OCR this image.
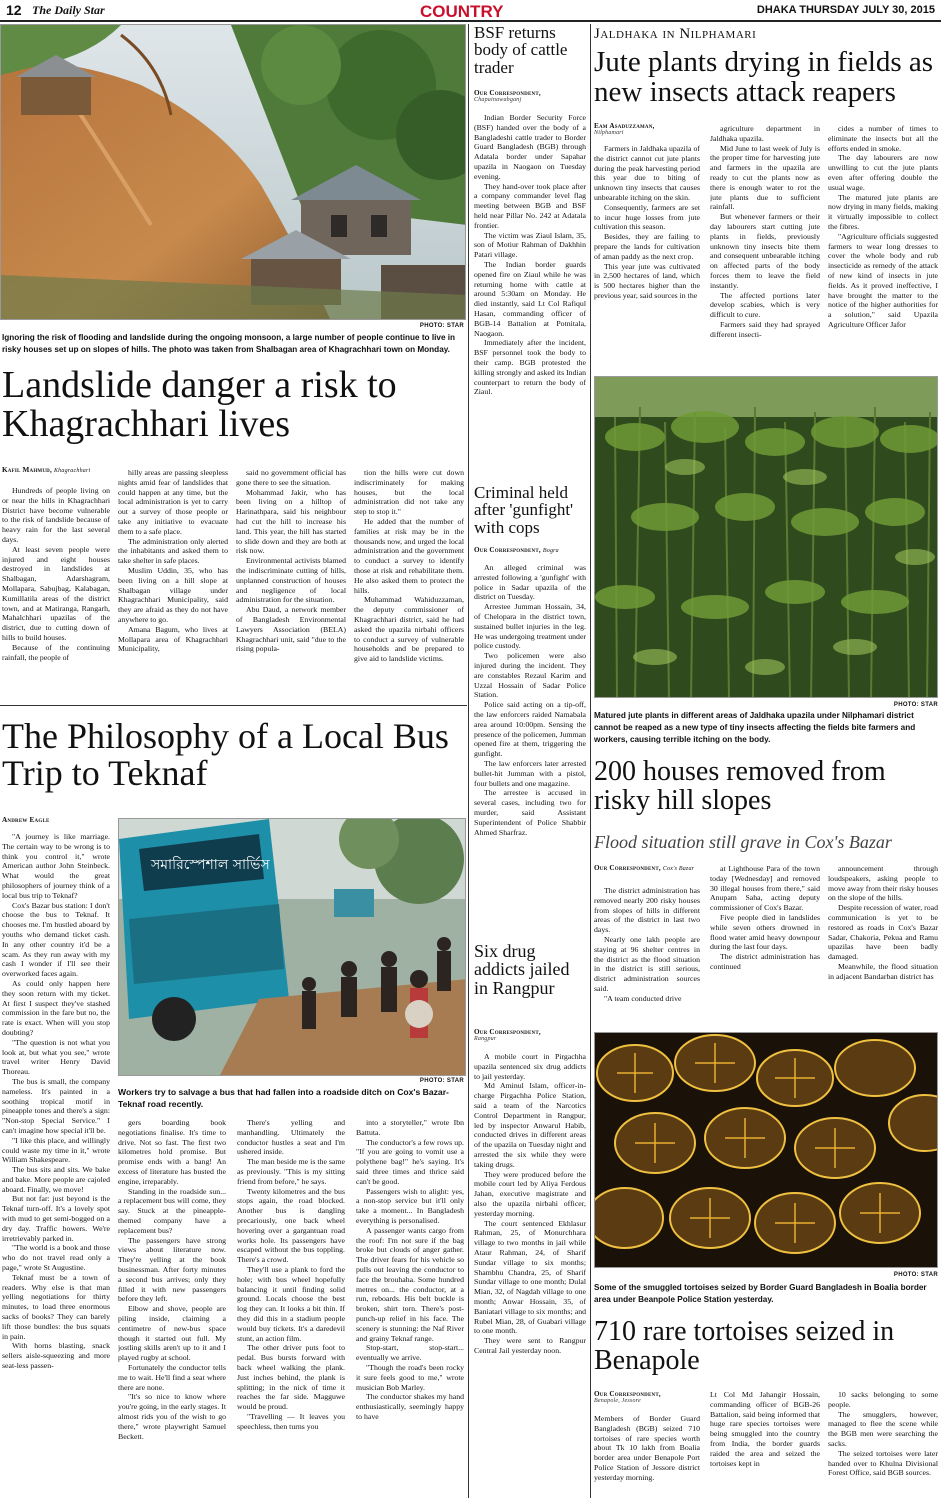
12 The Daily Star	COUNTRY	DHAKA THURSDAY JULY 30, 2015
PHOTO: STAR
Ignoring the risk of flooding and landslide during the ongoing monsoon, a large number of people continue to live in risky houses set up on slopes of hills. The photo was taken from Shalbagan area of Khagrachhari town on Monday.
Landslide danger a risk to Khagrachhari lives
Kafil Mahmud, Khagrachhari

Hundreds of people living on or near the hills in Khagrachhari District have become vulnerable to the risk of landslide because of heavy rain for the last several days.

At least seven people were injured and eight houses destroyed in landslides at Shalbagan, Adarshagram, Mollapara, Sabujbag, Kalabagan, Kumillatila areas of the district town, and at Matiranga, Rangarh, Mahalchhari upazilas of the district, due to cutting down of hills to build houses.

Because of the continuing rainfall, the people of

hilly areas are passing sleepless nights amid fear of landslides that could happen at any time, but the local administration is yet to carry out a survey of those people or take any initiative to evacuate them to a safe place.

The administration only alerted the inhabitants and asked them to take shelter in safe places.

Muslim Uddin, 35, who has been living on a hill slope at Shalbagan village under Khagrachhari Municipality, said they are afraid as they do not have anywhere to go.

Amana Bagum, who lives at Mollapara area of Khagrachhari Municipality,

said no government official has gone there to see the situation.

Mohammad Jakir, who has been living on a hilltop of Harinathpara, said his neighbour had cut the hill to increase his land. This year, the hill has started to slide down and they are both at risk now.

Environmental activists blamed the indiscriminate cutting of hills, unplanned construction of houses and negligence of local administration for the situation.

Abu Daud, a network member of Bangladesh Environmental Lawyers Association (BELA) Khagrachhari unit, said "due to the rising popula-

tion the hills were cut down indiscriminately for making houses, but the local administration did not take any step to stop it."

He added that the number of families at risk may be in the thousands now, and urged the local administration and the government to conduct a survey to identify those at risk and rehabilitate them. He also asked them to protect the hills.

Muhammad Wahiduzzaman, the deputy commissioner of Khagrachhari district, said he had asked the upazila nirbahi officers to conduct a survey of vulnerable households and be prepared to give aid to landslide victims.

The Philosophy of a Local Bus Trip to Teknaf
Andrew Eagle

"A journey is like marriage. The certain way to be wrong is to think you control it," wrote American author John Steinbeck. What would the great philosophers of journey think of a local bus trip to Teknaf?

Cox's Bazar bus station: I don't choose the bus to Teknaf. It chooses me. I'm hustled aboard by youths who demand ticket cash. In any other country it'd be a scam. As they run away with my cash I wonder if I'll see their overworked faces again.

As could only happen here they soon return with my ticket. At first I suspect they've stashed commission in the fare but no, the rate is exact. When will you stop doubting?

"The question is not what you look at, but what you see," wrote travel writer Henry David Thoreau.

The bus is small, the company nameless. It's painted in a soothing tropical motif in pineapple tones and there's a sign: "Non-stop Special Service." I can't imagine how special it'll be.

"I like this place, and willingly could waste my time in it," wrote William Shakespeare.

The bus sits and sits. We bake and bake. More people are cajoled aboard. Finally, we move!

But not far: just beyond is the Teknaf turn-off. It's a lovely spot with mud to get semi-bogged on a dry day. Traffic howers. We're irretrievably parked in.

"The world is a book and those who do not travel read only a page," wrote St Augustine.

Teknaf must be a town of readers. Why else is that man yelling negotiations for thirty minutes, to load three enormous sacks of books? They can barely lift those bundles: the bus squats in pain.

With horns blasting, snack sellers aisle-squeezing and more seat-less passen-

সমারিস্পেশাল সার্ভিস
PHOTO: STAR
Workers try to salvage a bus that had fallen into a roadside ditch on Cox's Bazar-Teknaf road recently.

gers boarding book negotiations finalise. It's time to drive. Not so fast. The first two kilometres hold promise. But promise ends with a bang! An excess of literature has busted the engine, irreparably.

Standing in the roadside sun... a replacement bus will come, they say. Stuck at the pineapple-themed company have a replacement bus?

The passengers have strong views about literature now. They're yelling at the book businessman. After forty minutes a second bus arrives; only they filled it with new passengers before they left.

Elbow and shove, people are piling inside, claiming a centimetre of new-bus space though it started out full. My jostling skills aren't up to it and I played rugby at school.

Fortunately the conductor tells me to wait. He'll find a seat where there are none.

"It's so nice to know where you're going, in the early stages. It almost rids you of the wish to go there," wrote playwright Samuel Beckett.

There's yelling and manhandling. Ultimately the conductor hustles a seat and I'm ushered inside.

The man beside me is the same as previously. "This is my sitting friend from before," he says.

Twenty kilometres and the bus stops again, the road blocked. Another bus is dangling precariously, one back wheel hovering over a gargantuan road works hole. Its passengers have escaped without the bus toppling. There's a crowd.

They'll use a plank to ford the hole; with bus wheel hopefully balancing it until finding solid ground. Locals choose the best log they can. It looks a bit thin. If they did this in a stadium people would buy tickets. It's a daredevil stunt, an action film.

The other driver puts foot to pedal. Bus bursts forward with back wheel walking the plank. Just inches behind, the plank is splitting; in the nick of time it reaches the far side. Magguwe would be proud.

"Travelling — It leaves you speechless, then turns you

into a storyteller," wrote Ibn Battuta.

The conductor's a few rows up. "If you are going to vomit use a polythene bag!" he's saying. It's said three times and thrice said can't be good.

Passengers wish to alight: yes, a non-stop service but it'll only take a moment... In Bangladesh everything is personalised.

A passenger wants cargo from the roof: I'm not sure if the bag broke but clouds of anger gather. The driver fears for his vehicle so pulls out leaving the conductor to face the brouhaha. Some hundred metres on... the conductor, at a run, reboards. His belt buckle is broken, shirt torn. There's post-punch-up relief in his face. The scenery is stunning: the Naf River and grainy Teknaf range.

Stop-start, stop-start... eventually we arrive.

"Though the road's been rocky it sure feels good to me," wrote musician Bob Marley.

The conductor shakes my hand enthusiastically, seemingly happy to have

BSF returns body of cattle trader
Our Correspondent,
Chapainawabganj

Indian Border Security Force (BSF) handed over the body of a Bangladeshi cattle trader to Border Guard Bangladesh (BGB) through Adatala border under Sapahar upazila in Naogaon on Tuesday evening.

They hand-over took place after a company commander level flag meeting between BGB and BSF held near Pillar No. 242 at Adatala frontier.

The victim was Ziaul Islam, 35, son of Motiur Rahman of Dakhhin Patari village.

The Indian border guards opened fire on Ziaul while he was returning home with cattle at around 5:30am on Monday. He died instantly, said Lt Col Rafiqul Hasan, commanding officer of BGB-14 Battalion at Potnitala, Naogaon.

Immediately after the incident, BSF personnel took the body to their camp. BGB protested the killing strongly and asked its Indian counterpart to return the body of Ziaul.

Criminal held after 'gunfight' with cops
Our Correspondent, Bogra

An alleged criminal was arrested following a 'gunfight' with police in Sadar upazila of the district on Tuesday.

Arrestee Jumman Hossain, 34, of Chelopara in the district town, sustained bullet injuries in the leg. He was undergoing treatment under police custody.

Two policemen were also injured during the incident. They are constables Rezaul Karim and Uzzal Hossain of Sadar Police Station.

Police said acting on a tip-off, the law enforcers raided Namabala area around 10:00pm. Sensing the presence of the policemen, Jumman opened fire at them, triggering the gunfight.

The law enforcers later arrested bullet-hit Jumman with a pistol, four bullets and one magazine.

The arrestee is accused in several cases, including two for murder, said Assistant Superintendent of Police Shabbir Ahmed Sharfraz.

Six drug addicts jailed in Rangpur
Our Correspondent,
Rangpur

A mobile court in Pirgachha upazila sentenced six drug addicts to jail yesterday.

Md Aminul Islam, officer-in-charge Pirgachha Police Station, said a team of the Narcotics Control Department in Rangpur, led by inspector Anwarul Habib, conducted drives in different areas of the upazila on Tuesday night and arrested the six while they were taking drugs.

They were produced before the mobile court led by Aliya Ferdous Jahan, executive magistrate and also the upazila nirbahi officer, yesterday morning.

The court sentenced Ekhlasur Rahman, 25, of Monurchhara village to two months in jail while Ataur Rahman, 24, of Sharif Sundar village to six months; Shambhu Chandra, 25, of Sharif Sundar village to one month; Dulal Mian, 32, of Nagdah village to one month; Anwar Hossain, 35, of Baniatari village to six months; and Rubel Mian, 28, of Guabari village to one month.

They were sent to Rangpur Central Jail yesterday noon.

Jaldhaka in Nilphamari
Jute plants drying in fields as new insects attack reapers
Eam Asaduzzaman,
Nilphamari

Farmers in Jaldhaka upazila of the district cannot cut jute plants during the peak harvesting period this year due to biting of unknown tiny insects that causes unbearable itching on the skin.

Consequently, farmers are set to incur huge losses from jute cultivation this season.

Besides, they are failing to prepare the lands for cultivation of aman paddy as the next crop.

This year jute was cultivated in 2,500 hectares of land, which is 500 hectares higher than the previous year, said sources in the

agriculture department in Jaldhaka upazila.

Mid June to last week of July is the proper time for harvesting jute and farmers in the upazila are ready to cut the plants now as there is enough water to rot the jute plants due to sufficient rainfall.

But whenever farmers or their day labourers start cutting jute plants in fields, previously unknown tiny insects bite them and consequent unbearable itching on affected parts of the body forces them to leave the field instantly.

The affected portions later develop scabies, which is very difficult to cure.

Farmers said they had sprayed different insecti-

cides a number of times to eliminate the insects but all the efforts ended in smoke.

The day labourers are now unwilling to cut the jute plants even after offering double the usual wage.

The matured jute plants are now drying in many fields, making it virtually impossible to collect the fibres.

"Agriculture officials suggested farmers to wear long dresses to cover the whole body and rub insecticide as remedy of the attack of new kind of insects in jute fields. As it proved ineffective, I have brought the matter to the notice of the higher authorities for a solution," said Upazila Agriculture Officer Jafor

PHOTO: STAR
Matured jute plants in different areas of Jaldhaka upazila under Nilphamari district cannot be reaped as a new type of tiny insects affecting the fields bite farmers and workers, causing terrible itching on the body.
200 houses removed from risky hill slopes
Flood situation still grave in Cox's Bazar
Our Correspondent, Cox's Bazar

The district administration has removed nearly 200 risky houses from slopes of hills in different areas of the district in last two days.

Nearly one lakh people are staying at 96 shelter centres in the district as the flood situation in the district is still serious, district administration sources said.

"A team conducted drive

at Lighthouse Para of the town today [Wednesday] and removed 30 illegal houses from there," said Anupam Saha, acting deputy commissioner of Cox's Bazar.

Five people died in landslides while seven others drowned in flood water amid heavy downpour during the last four days.

The district administration has continued

announcement through loudspeakers, asking people to move away from their risky houses on the slope of the hills.

Despite recession of water, road communication is yet to be restored as roads in Cox's Bazar Sadar, Chakoria, Pekua and Ramu upazilas have been badly damaged.

Meanwhile, the flood situation in adjacent Bandarban district has

PHOTO: STAR
Some of the smuggled tortoises seized by Border Guard Bangladesh in Boalia border area under Beanpole Police Station yesterday.
710 rare tortoises seized in Benapole
Our Correspondent,
Benapole, Jessore
Members of Border Guard Bangladesh (BGB) seized 710 tortoises of rare species worth about Tk 10 lakh from Boalia border area under Benapole Port Police Station of Jessore district yesterday morning.
Lt Col Md Jahangir Hossain, commanding officer of BGB-26 Battalion, said being informed that huge rare species tortoises were being smuggled into the country from India, the border guards raided the area and seized the tortoises kept in

10 sacks belonging to some people.

The smugglers, however, managed to flee the scene while the BGB men were searching the sacks.

The seized tortoises were later handed over to Khulna Divisional Forest Office, said BGB sources.
